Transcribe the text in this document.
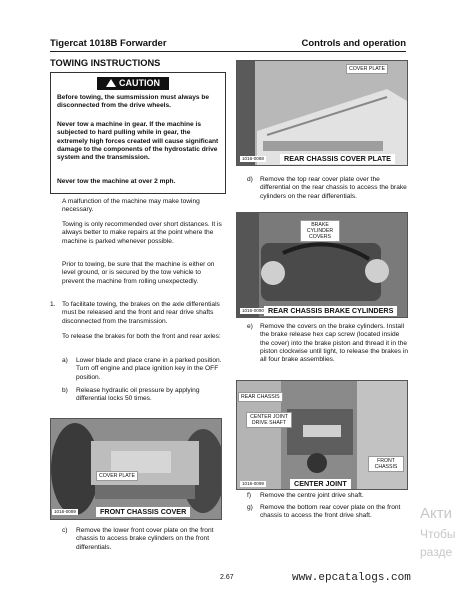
Tigercat 1018B Forwarder	Controls and operation
TOWING INSTRUCTIONS
CAUTION
Before towing, the sumsmission must always be disconnected from the drive wheels.
Never tow a machine in gear. If the machine is subjected to hard pulling while in gear, the extremely high forces created will cause significant damage to the components of the hydrostatic drive system and the transmission.
Never tow the machine at over 2 mph.
A malfunction of the machine may make towing necessary.
Towing is only recommended over short distances. It is always better to make repairs at the point where the machine is parked whenever possible.
Prior to towing, be sure that the machine is either on level ground, or is secured by the tow vehicle to prevent the machine from rolling unexpectedly.
1. To facilitate towing, the brakes on the axle differentials must be released and the front and rear drive shafts disconnected from the transmission.
To release the brakes for both the front and rear axles:
a) Lower blade and place crane in a parked position. Turn off engine and place ignition key in the OFF position.
b) Release hydraulic oil pressure by applying differential locks 50 times.
COVER PLATE
FRONT CHASSIS COVER
1016-0089
c) Remove the lower front cover plate on the front chassis to access brake cylinders on the front differentials.
COVER PLATE
REAR CHASSIS COVER PLATE
1016-0088
d) Remove the top rear cover plate over the differential on the rear chassis to access the brake cylinders on the rear differentials.
BRAKE CYLINDER COVERS
REAR CHASSIS BRAKE CYLINDERS
1016-0090
e) Remove the covers on the brake cylinders. Install the brake release hex cap screw (located inside the cover) into the brake piston and thread it in the piston clockwise until tight, to release the brakes in all four brake assemblies.
REAR CHASSIS
CENTER JOINT DRIVE SHAFT
FRONT CHASSIS
CENTER JOINT
1016-0099
f) Remove the centre joint drive shaft.
g) Remove the bottom rear cover plate on the front chassis to access the front drive shaft.
2.67	www.epcatalogs.com
Акти
Чтобы
разде
